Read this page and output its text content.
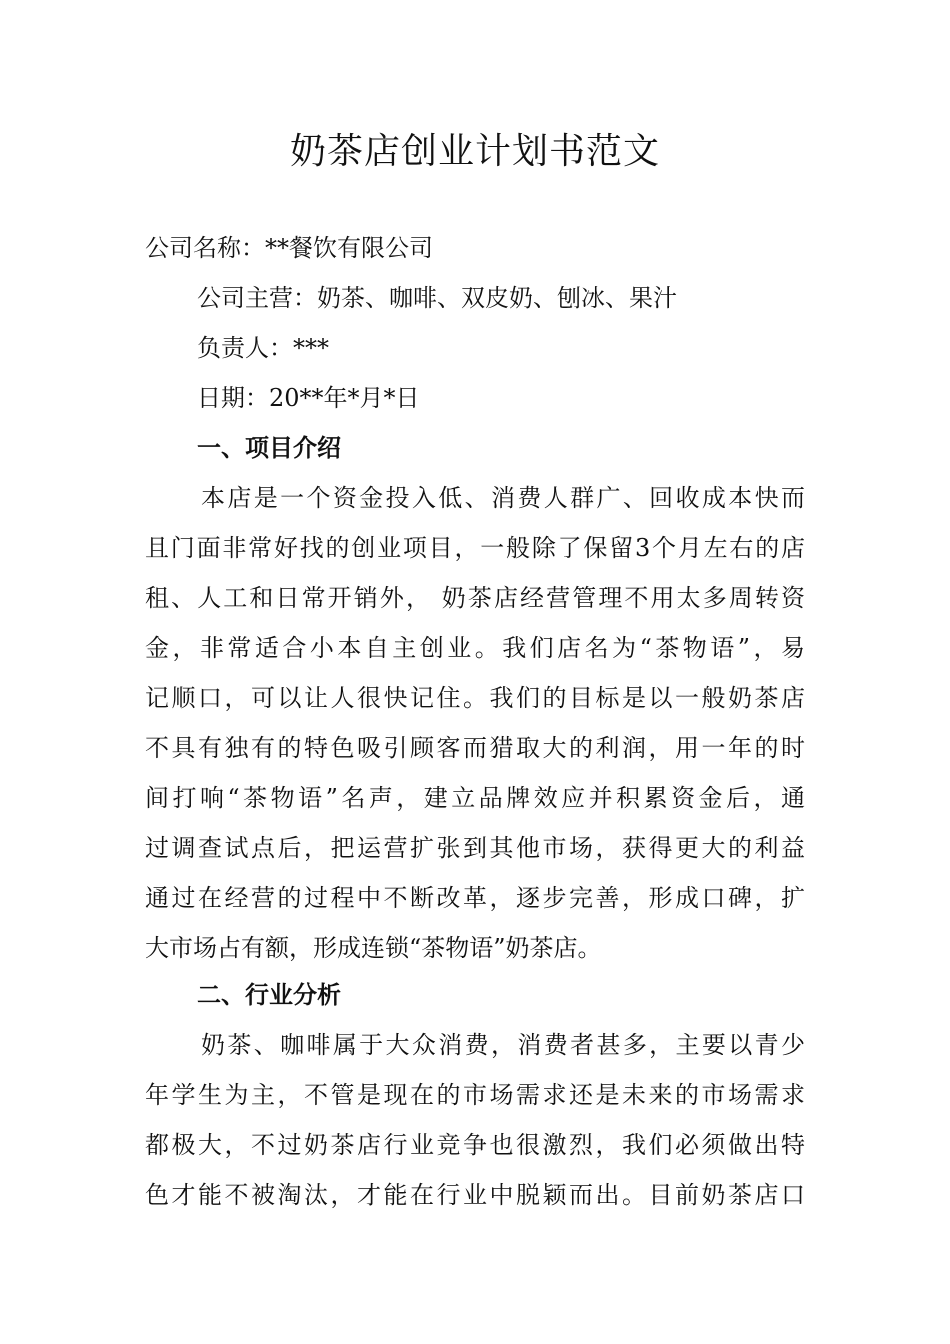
奶茶店创业计划书范文

公司名称：**餐饮有限公司

公司主营：奶茶、咖啡、双皮奶、刨冰、果汁

负责人：***

日期：20**年*月*日

一、项目介绍
本店是一个资金投入低、消费人群广、回收成本快而
且门面非常好找的创业项目，一般除了保留3个月左右的店
租、人工和日常开销外， 奶茶店经营管理不用太多周转资
金，非常适合小本自主创业。我们店名为“茶物语”，易
记顺口，可以让人很快记住。我们的目标是以一般奶茶店
不具有独有的特色吸引顾客而猎取大的利润，用一年的时
间打响“茶物语”名声，建立品牌效应并积累资金后，通
过调查试点后，把运营扩张到其他市场，获得更大的利益
通过在经营的过程中不断改革，逐步完善，形成口碑，扩
大市场占有额，形成连锁“茶物语”奶茶店。
二、行业分析
奶茶、咖啡属于大众消费，消费者甚多，主要以青少
年学生为主，不管是现在的市场需求还是未来的市场需求
都极大，不过奶茶店行业竞争也很激烈，我们必须做出特
色才能不被淘汰，才能在行业中脱颖而出。目前奶茶店口
